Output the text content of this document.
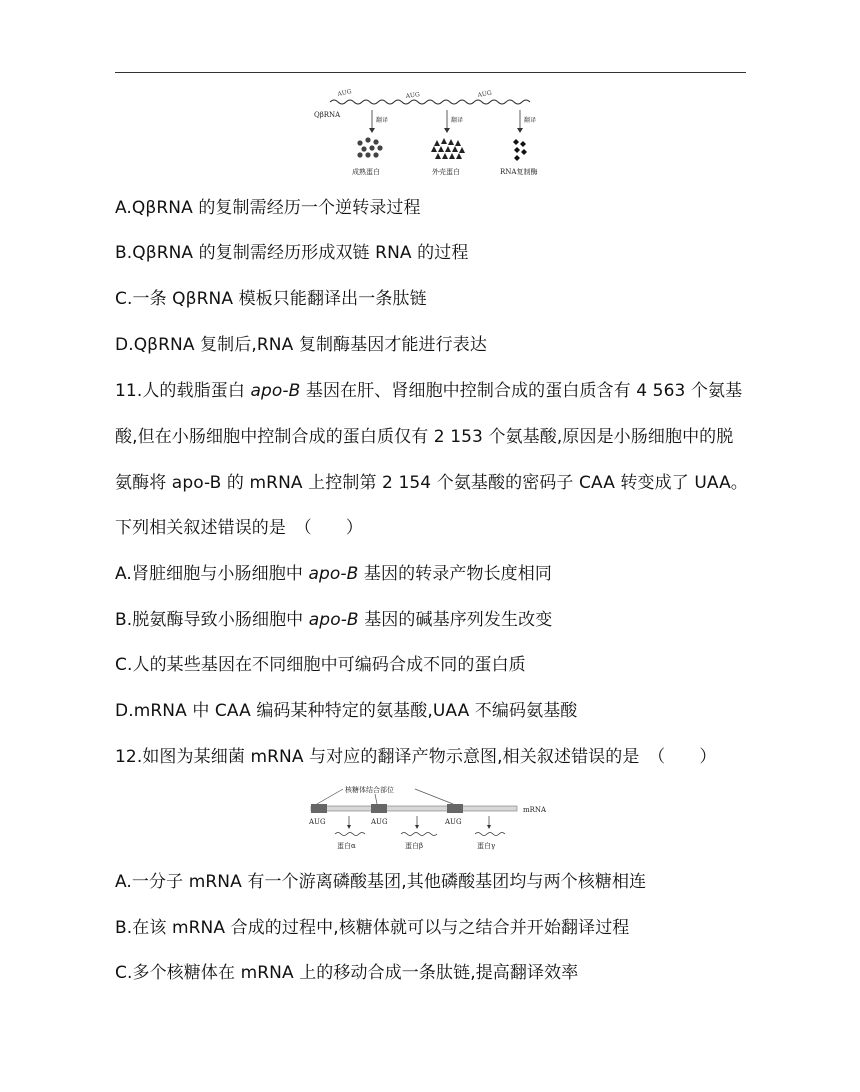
QβRNA
AUG	AUG	AUG
翻译	翻译	翻译
成熟蛋白	外壳蛋白	RNA复制酶
A.QβRNA 的复制需经历一个逆转录过程
B.QβRNA 的复制需经历形成双链 RNA 的过程
C.一条 QβRNA 模板只能翻译出一条肽链
D.QβRNA 复制后,RNA 复制酶基因才能进行表达
11.人的载脂蛋白 apo-B 基因在肝、肾细胞中控制合成的蛋白质含有 4 563 个氨基
酸,但在小肠细胞中控制合成的蛋白质仅有 2 153 个氨基酸,原因是小肠细胞中的脱
氨酶将 apo-B 的 mRNA 上控制第 2 154 个氨基酸的密码子 CAA 转变成了 UAA。
下列相关叙述错误的是　（　　）
A.肾脏细胞与小肠细胞中 apo-B 基因的转录产物长度相同
B.脱氨酶导致小肠细胞中 apo-B 基因的碱基序列发生改变
C.人的某些基因在不同细胞中可编码合成不同的蛋白质
D.mRNA 中 CAA 编码某种特定的氨基酸,UAA 不编码氨基酸
12.如图为某细菌 mRNA 与对应的翻译产物示意图,相关叙述错误的是　（　　）
核糖体结合部位
mRNA
AUG	AUG	AUG
蛋白α	蛋白β	蛋白γ
A.一分子 mRNA 有一个游离磷酸基团,其他磷酸基团均与两个核糖相连
B.在该 mRNA 合成的过程中,核糖体就可以与之结合并开始翻译过程
C.多个核糖体在 mRNA 上的移动合成一条肽链,提高翻译效率
